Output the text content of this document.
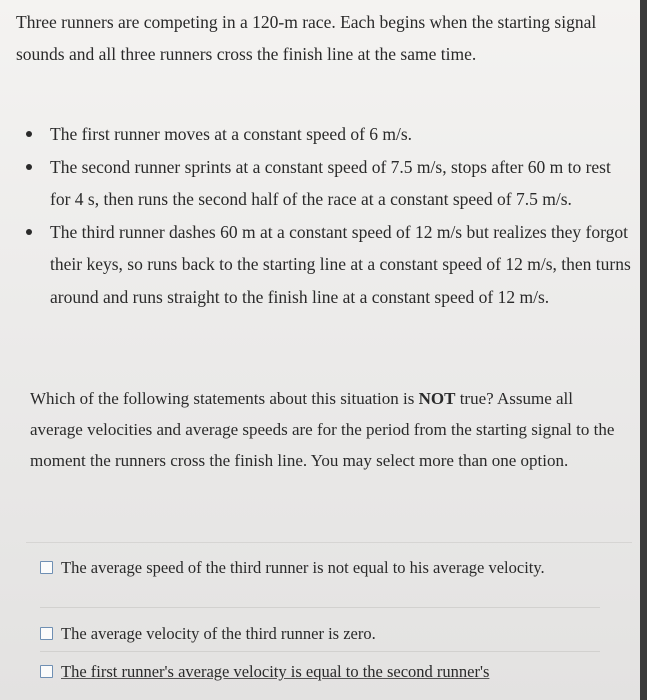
Three runners are competing in a 120-m race. Each begins when the starting signal sounds and all three runners cross the finish line at the same time.

The first runner moves at a constant speed of 6 m/s.
The second runner sprints at a constant speed of 7.5 m/s, stops after 60 m to rest for 4 s, then runs the second half of the race at a constant speed of 7.5 m/s.
The third runner dashes 60 m at a constant speed of 12 m/s but realizes they forgot their keys, so runs back to the starting line at a constant speed of 12 m/s, then turns around and runs straight to the finish line at a constant speed of 12 m/s.

Which of the following statements about this situation is NOT true? Assume all average velocities and average speeds are for the period from the starting signal to the moment the runners cross the finish line. You may select more than one option.

The average speed of the third runner is not equal to his average velocity.
The average velocity of the third runner is zero.
The first runner's average velocity is equal to the second runner's
